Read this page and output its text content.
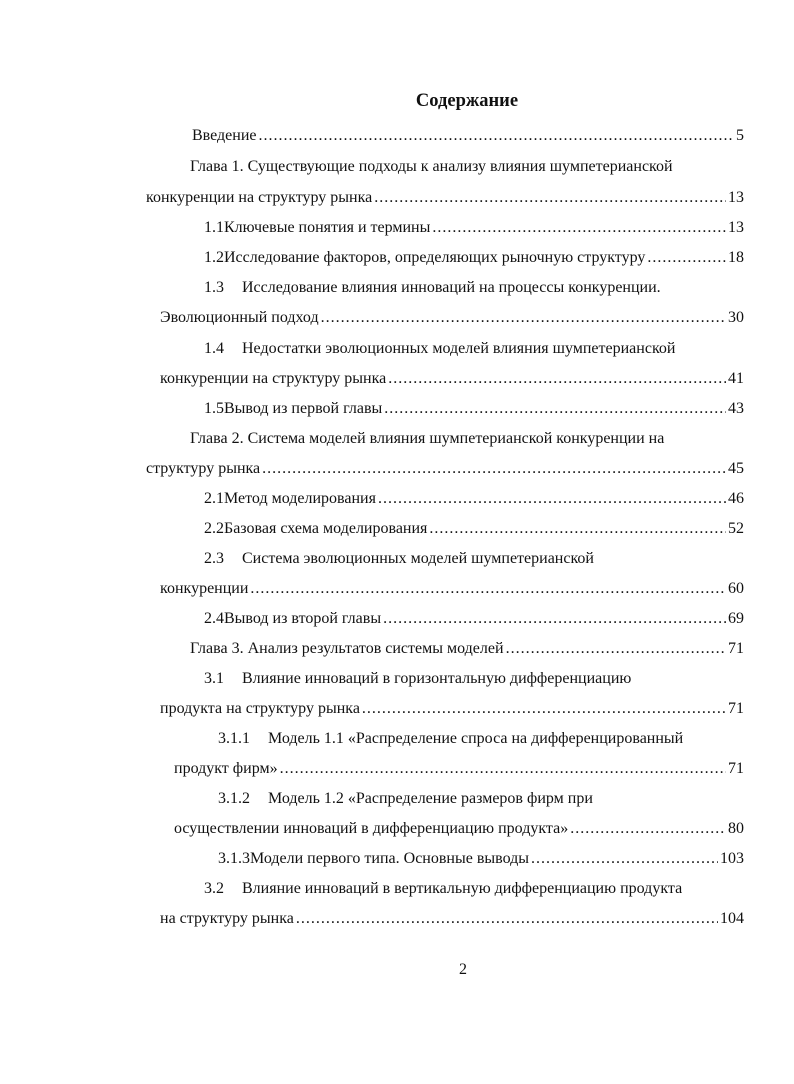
Содержание
Введение .....	5
Глава 1. Существующие подходы к анализу влияния шумпетерианской
конкуренции на структуру рынка .....	13
1.1 Ключевые понятия и термины .....	13
1.2 Исследование факторов, определяющих рыночную структуру .....	18
1.3	Исследование влияния инноваций на процессы конкуренции.
Эволюционный подход .....	30
1.4	Недостатки эволюционных моделей влияния шумпетерианской
конкуренции на структуру рынка .....	41
1.5 Вывод из первой главы .....	43
Глава 2. Система моделей влияния шумпетерианской конкуренции на
структуру рынка .....	45
2.1 Метод моделирования .....	46
2.2 Базовая схема моделирования .....	52
2.3	Система эволюционных моделей шумпетерианской
конкуренции .....	60
2.4 Вывод из второй главы .....	69
Глава 3. Анализ результатов системы моделей .....	71
3.1	Влияние инноваций в горизонтальную дифференциацию
продукта на структуру рынка .....	71
3.1.1	Модель 1.1 «Распределение спроса на дифференцированный
продукт фирм» .....	71
3.1.2	Модель 1.2 «Распределение размеров фирм при
осуществлении инноваций в дифференциацию продукта» .....	80
3.1.3 Модели первого типа. Основные выводы .....	103
3.2	Влияние инноваций в вертикальную дифференциацию продукта
на структуру рынка .....	104
2
